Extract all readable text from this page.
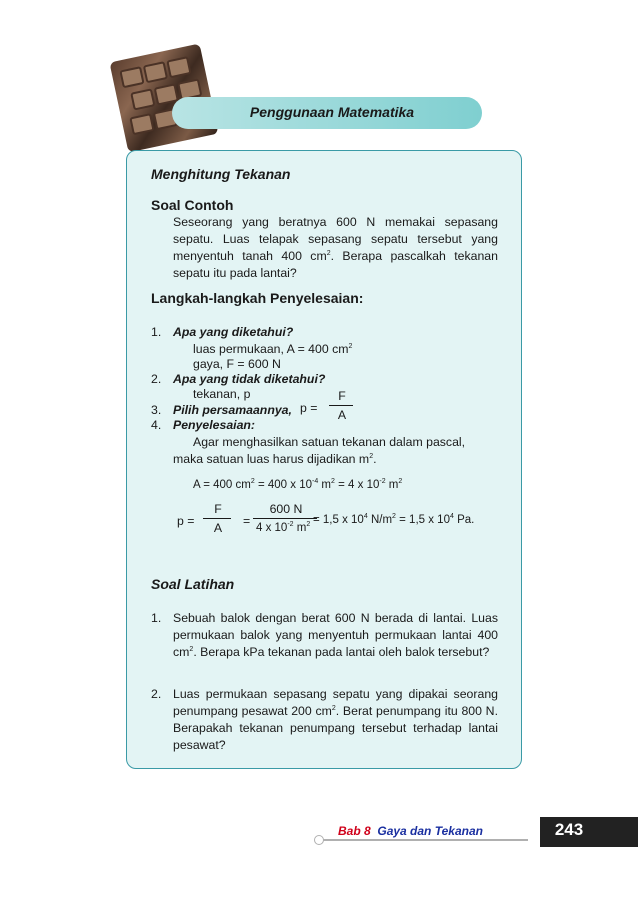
Penggunaan Matematika
Menghitung Tekanan
Soal Contoh
Seseorang yang beratnya 600 N memakai sepasang sepatu. Luas telapak sepasang sepatu tersebut yang menyentuh tanah 400 $cm^2$. Berapa pascalkah tekanan sepatu itu pada lantai?
Langkah-langkah Penyelesaian:
1. Apa yang diketahui?
luas permukaan, A = 400 $cm^2$
gaya, F = 600 N
2. Apa yang tidak diketahui?
tekanan, p
3. Pilih persamaannya, p =
F
A
4. Penyelesaian:
Agar menghasilkan satuan tekanan dalam pascal,
maka satuan luas harus dijadikan $m^2$.
A = 400 $cm^2 = 400$ x $10^{-4}$ $m^2 = 4$ x $10^{-2}$ $m^2$
p =
F
A	=
600 N
4 x $10^{-2}$ $m^2 = 1,5$ x $10^4$ $N/m^2 = 1,5$ x $10^4$ Pa.
Soal Latihan
1. Sebuah balok dengan berat 600 N berada di lantai. Luas permukaan balok yang menyentuh permukaan lantai 400 $cm^2$. Berapa kPa tekanan pada lantai oleh balok tersebut?
2. Luas permukaan sepasang sepatu yang dipakai seorang penumpang pesawat 200 $cm^2$. Berat penumpang itu 800 N. Berapakah tekanan penumpang tersebut terhadap lantai pesawat?
Bab 8 Gaya dan Tekanan	243
